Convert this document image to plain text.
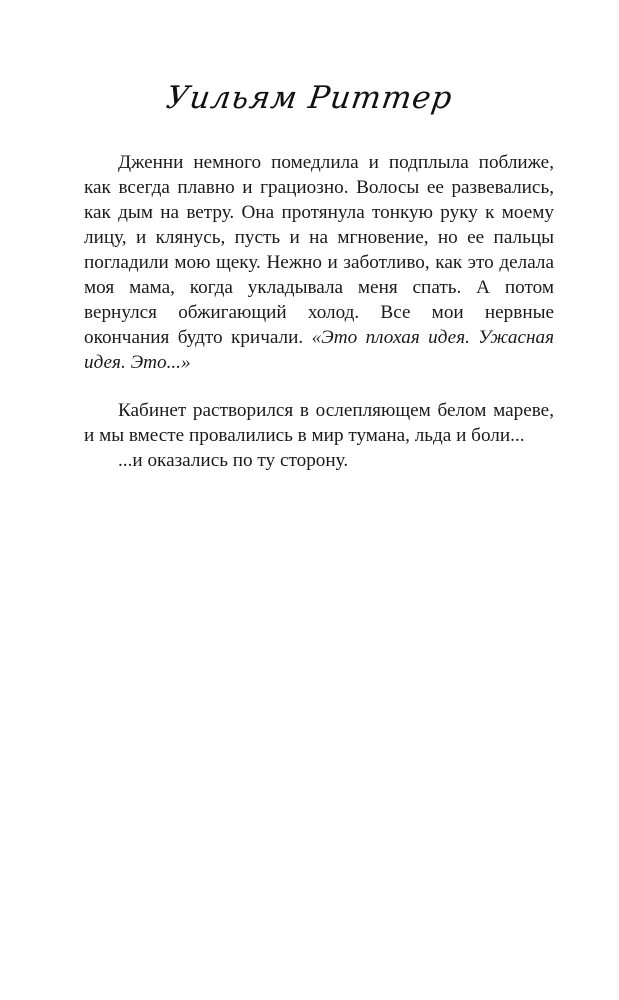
Уильям Риттер

Дженни немного помедлила и подплыла поближе, как всегда плавно и грациозно. Волосы ее развевались, как дым на ветру. Она протянула тонкую руку к моему лицу, и клянусь, пусть и на мгновение, но ее пальцы погладили мою щеку. Нежно и заботливо, как это делала моя мама, когда укладывала меня спать. А потом вернулся обжигающий холод. Все мои нервные окончания будто кричали. «Это плохая идея. Ужасная идея. Это...»

Кабинет растворился в ослепляющем белом мареве, и мы вместе провалились в мир тумана, льда и боли...

...и оказались по ту сторону.
